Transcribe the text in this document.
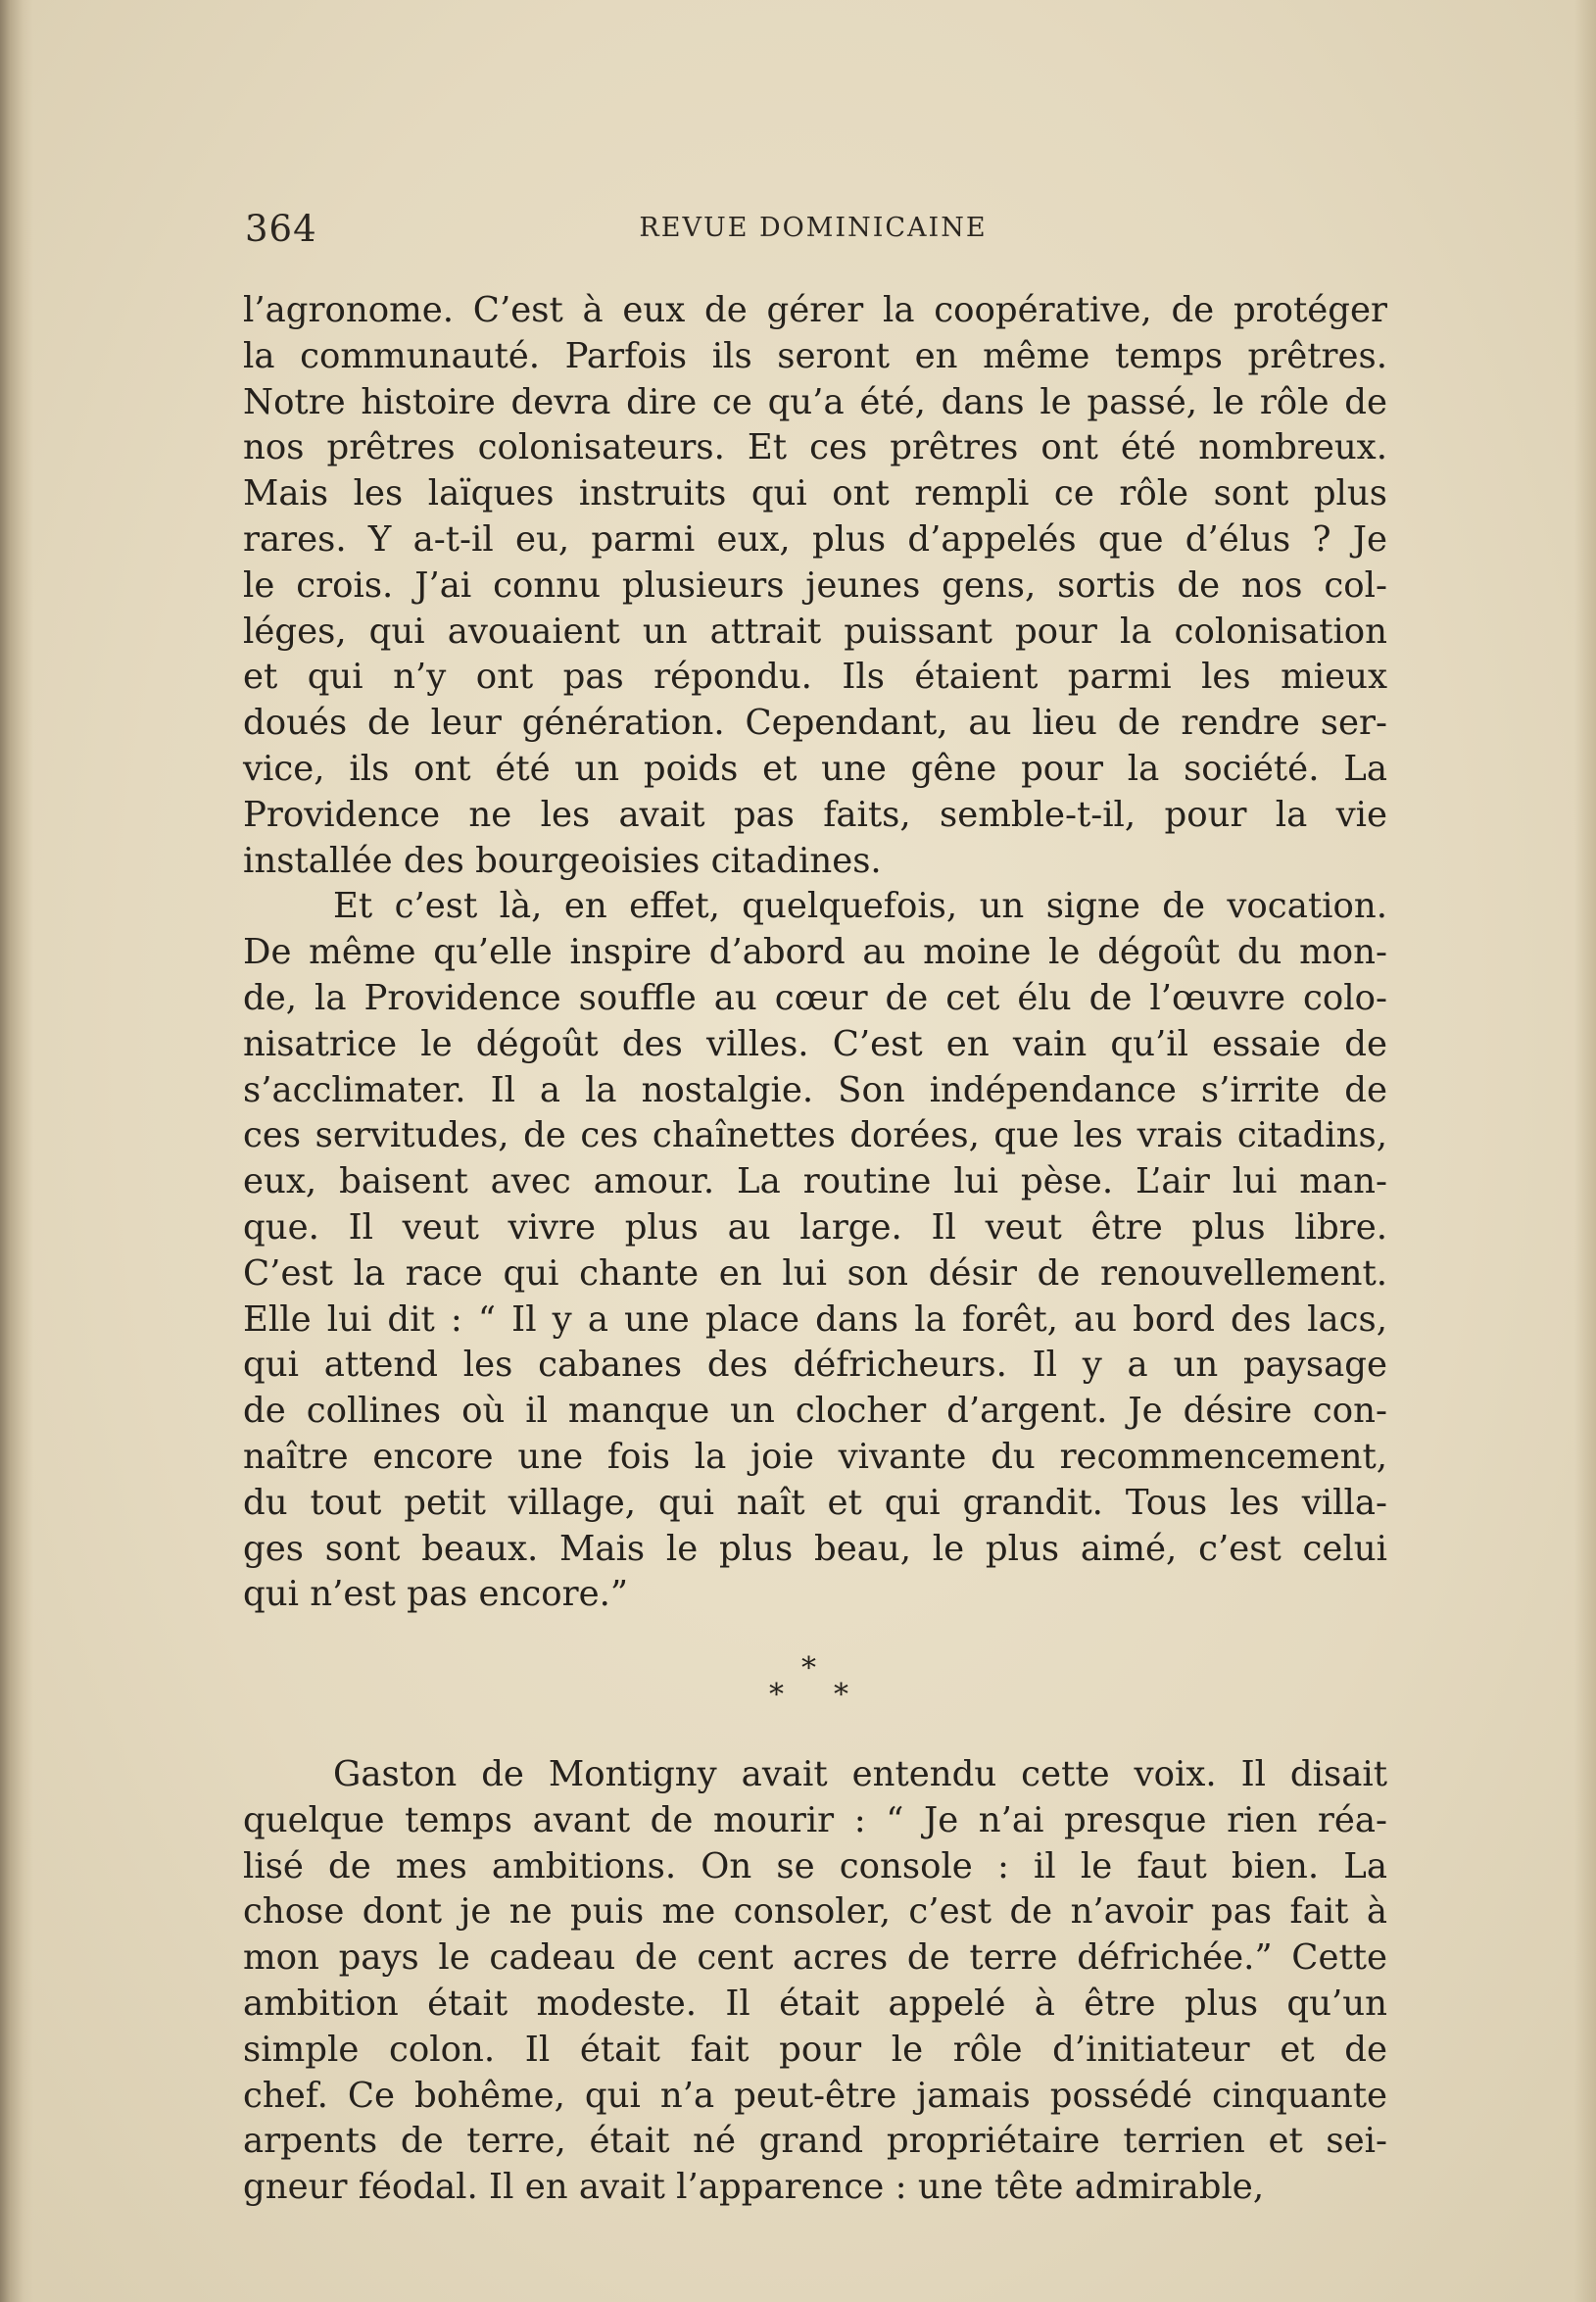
364	REVUE DOMINICAINE

l’agronome. C’est à eux de gérer la coopérative, de protéger
la communauté. Parfois ils seront en même temps prêtres.
Notre histoire devra dire ce qu’a été, dans le passé, le rôle de
nos prêtres colonisateurs. Et ces prêtres ont été nombreux.
Mais les laïques instruits qui ont rempli ce rôle sont plus
rares. Y a-t-il eu, parmi eux, plus d’appelés que d’élus ? Je
le crois. J’ai connu plusieurs jeunes gens, sortis de nos col-
léges, qui avouaient un attrait puissant pour la colonisation
et qui n’y ont pas répondu. Ils étaient parmi les mieux
doués de leur génération. Cependant, au lieu de rendre ser-
vice, ils ont été un poids et une gêne pour la société. La
Providence ne les avait pas faits, semble-t-il, pour la vie
installée des bourgeoisies citadines.

Et c’est là, en effet, quelquefois, un signe de vocation.
De même qu’elle inspire d’abord au moine le dégoût du mon-
de, la Providence souffle au cœur de cet élu de l’œuvre colo-
nisatrice le dégoût des villes. C’est en vain qu’il essaie de
s’acclimater. Il a la nostalgie. Son indépendance s’irrite de
ces servitudes, de ces chaînettes dorées, que les vrais citadins,
eux, baisent avec amour. La routine lui pèse. L’air lui man-
que. Il veut vivre plus au large. Il veut être plus libre.
C’est la race qui chante en lui son désir de renouvellement.
Elle lui dit : “ Il y a une place dans la forêt, au bord des lacs,
qui attend les cabanes des défricheurs. Il y a un paysage
de collines où il manque un clocher d’argent. Je désire con-
naître encore une fois la joie vivante du recommencement,
du tout petit village, qui naît et qui grandit. Tous les villa-
ges sont beaux. Mais le plus beau, le plus aimé, c’est celui
qui n’est pas encore.”

*
* *

Gaston de Montigny avait entendu cette voix. Il disait
quelque temps avant de mourir : “ Je n’ai presque rien réa-
lisé de mes ambitions. On se console : il le faut bien. La
chose dont je ne puis me consoler, c’est de n’avoir pas fait à
mon pays le cadeau de cent acres de terre défrichée.” Cette
ambition était modeste. Il était appelé à être plus qu’un
simple colon. Il était fait pour le rôle d’initiateur et de
chef. Ce bohême, qui n’a peut-être jamais possédé cinquante
arpents de terre, était né grand propriétaire terrien et sei-
gneur féodal. Il en avait l’apparence : une tête admirable,
